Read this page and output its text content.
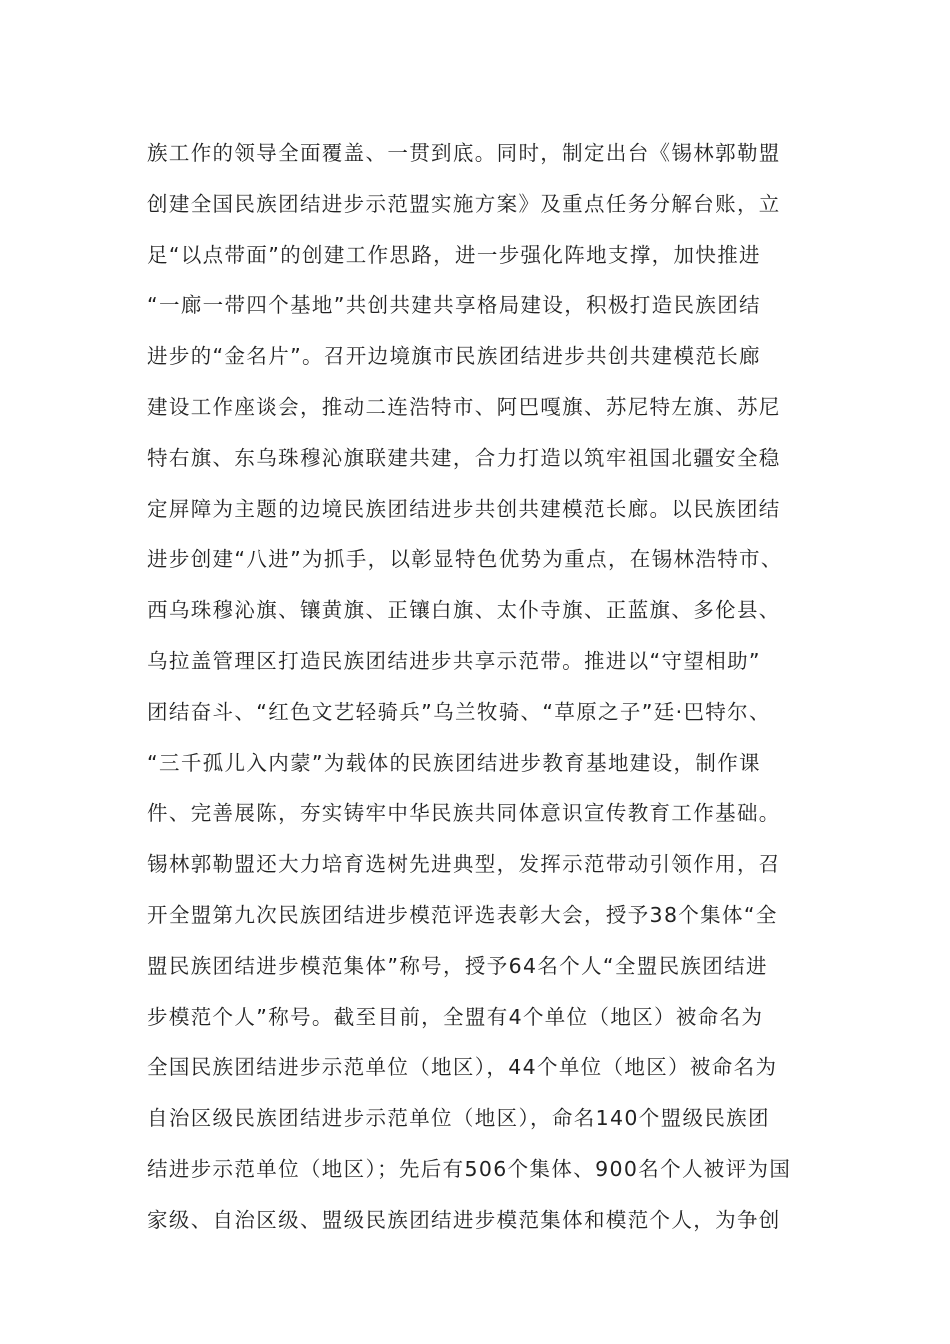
族工作的领导全面覆盖、一贯到底。同时，制定出台《锡林郭勒盟
创建全国民族团结进步示范盟实施方案》及重点任务分解台账，立
足“以点带面”的创建工作思路，进一步强化阵地支撑，加快推进
“一廊一带四个基地”共创共建共享格局建设，积极打造民族团结
进步的“金名片”。召开边境旗市民族团结进步共创共建模范长廊
建设工作座谈会，推动二连浩特市、阿巴嘎旗、苏尼特左旗、苏尼
特右旗、东乌珠穆沁旗联建共建，合力打造以筑牢祖国北疆安全稳
定屏障为主题的边境民族团结进步共创共建模范长廊。以民族团结
进步创建“八进”为抓手，以彰显特色优势为重点，在锡林浩特市、
西乌珠穆沁旗、镶黄旗、正镶白旗、太仆寺旗、正蓝旗、多伦县、
乌拉盖管理区打造民族团结进步共享示范带。推进以“守望相助”
团结奋斗、“红色文艺轻骑兵”乌兰牧骑、“草原之子”廷·巴特尔、
“三千孤儿入内蒙”为载体的民族团结进步教育基地建设，制作课
件、完善展陈，夯实铸牢中华民族共同体意识宣传教育工作基础。
锡林郭勒盟还大力培育选树先进典型，发挥示范带动引领作用，召
开全盟第九次民族团结进步模范评选表彰大会，授予38个集体“全
盟民族团结进步模范集体”称号，授予64名个人“全盟民族团结进
步模范个人”称号。截至目前，全盟有4个单位（地区）被命名为
全国民族团结进步示范单位（地区），44个单位（地区）被命名为
自治区级民族团结进步示范单位（地区），命名140个盟级民族团
结进步示范单位（地区）；先后有506个集体、900名个人被评为国
家级、自治区级、盟级民族团结进步模范集体和模范个人，为争创
